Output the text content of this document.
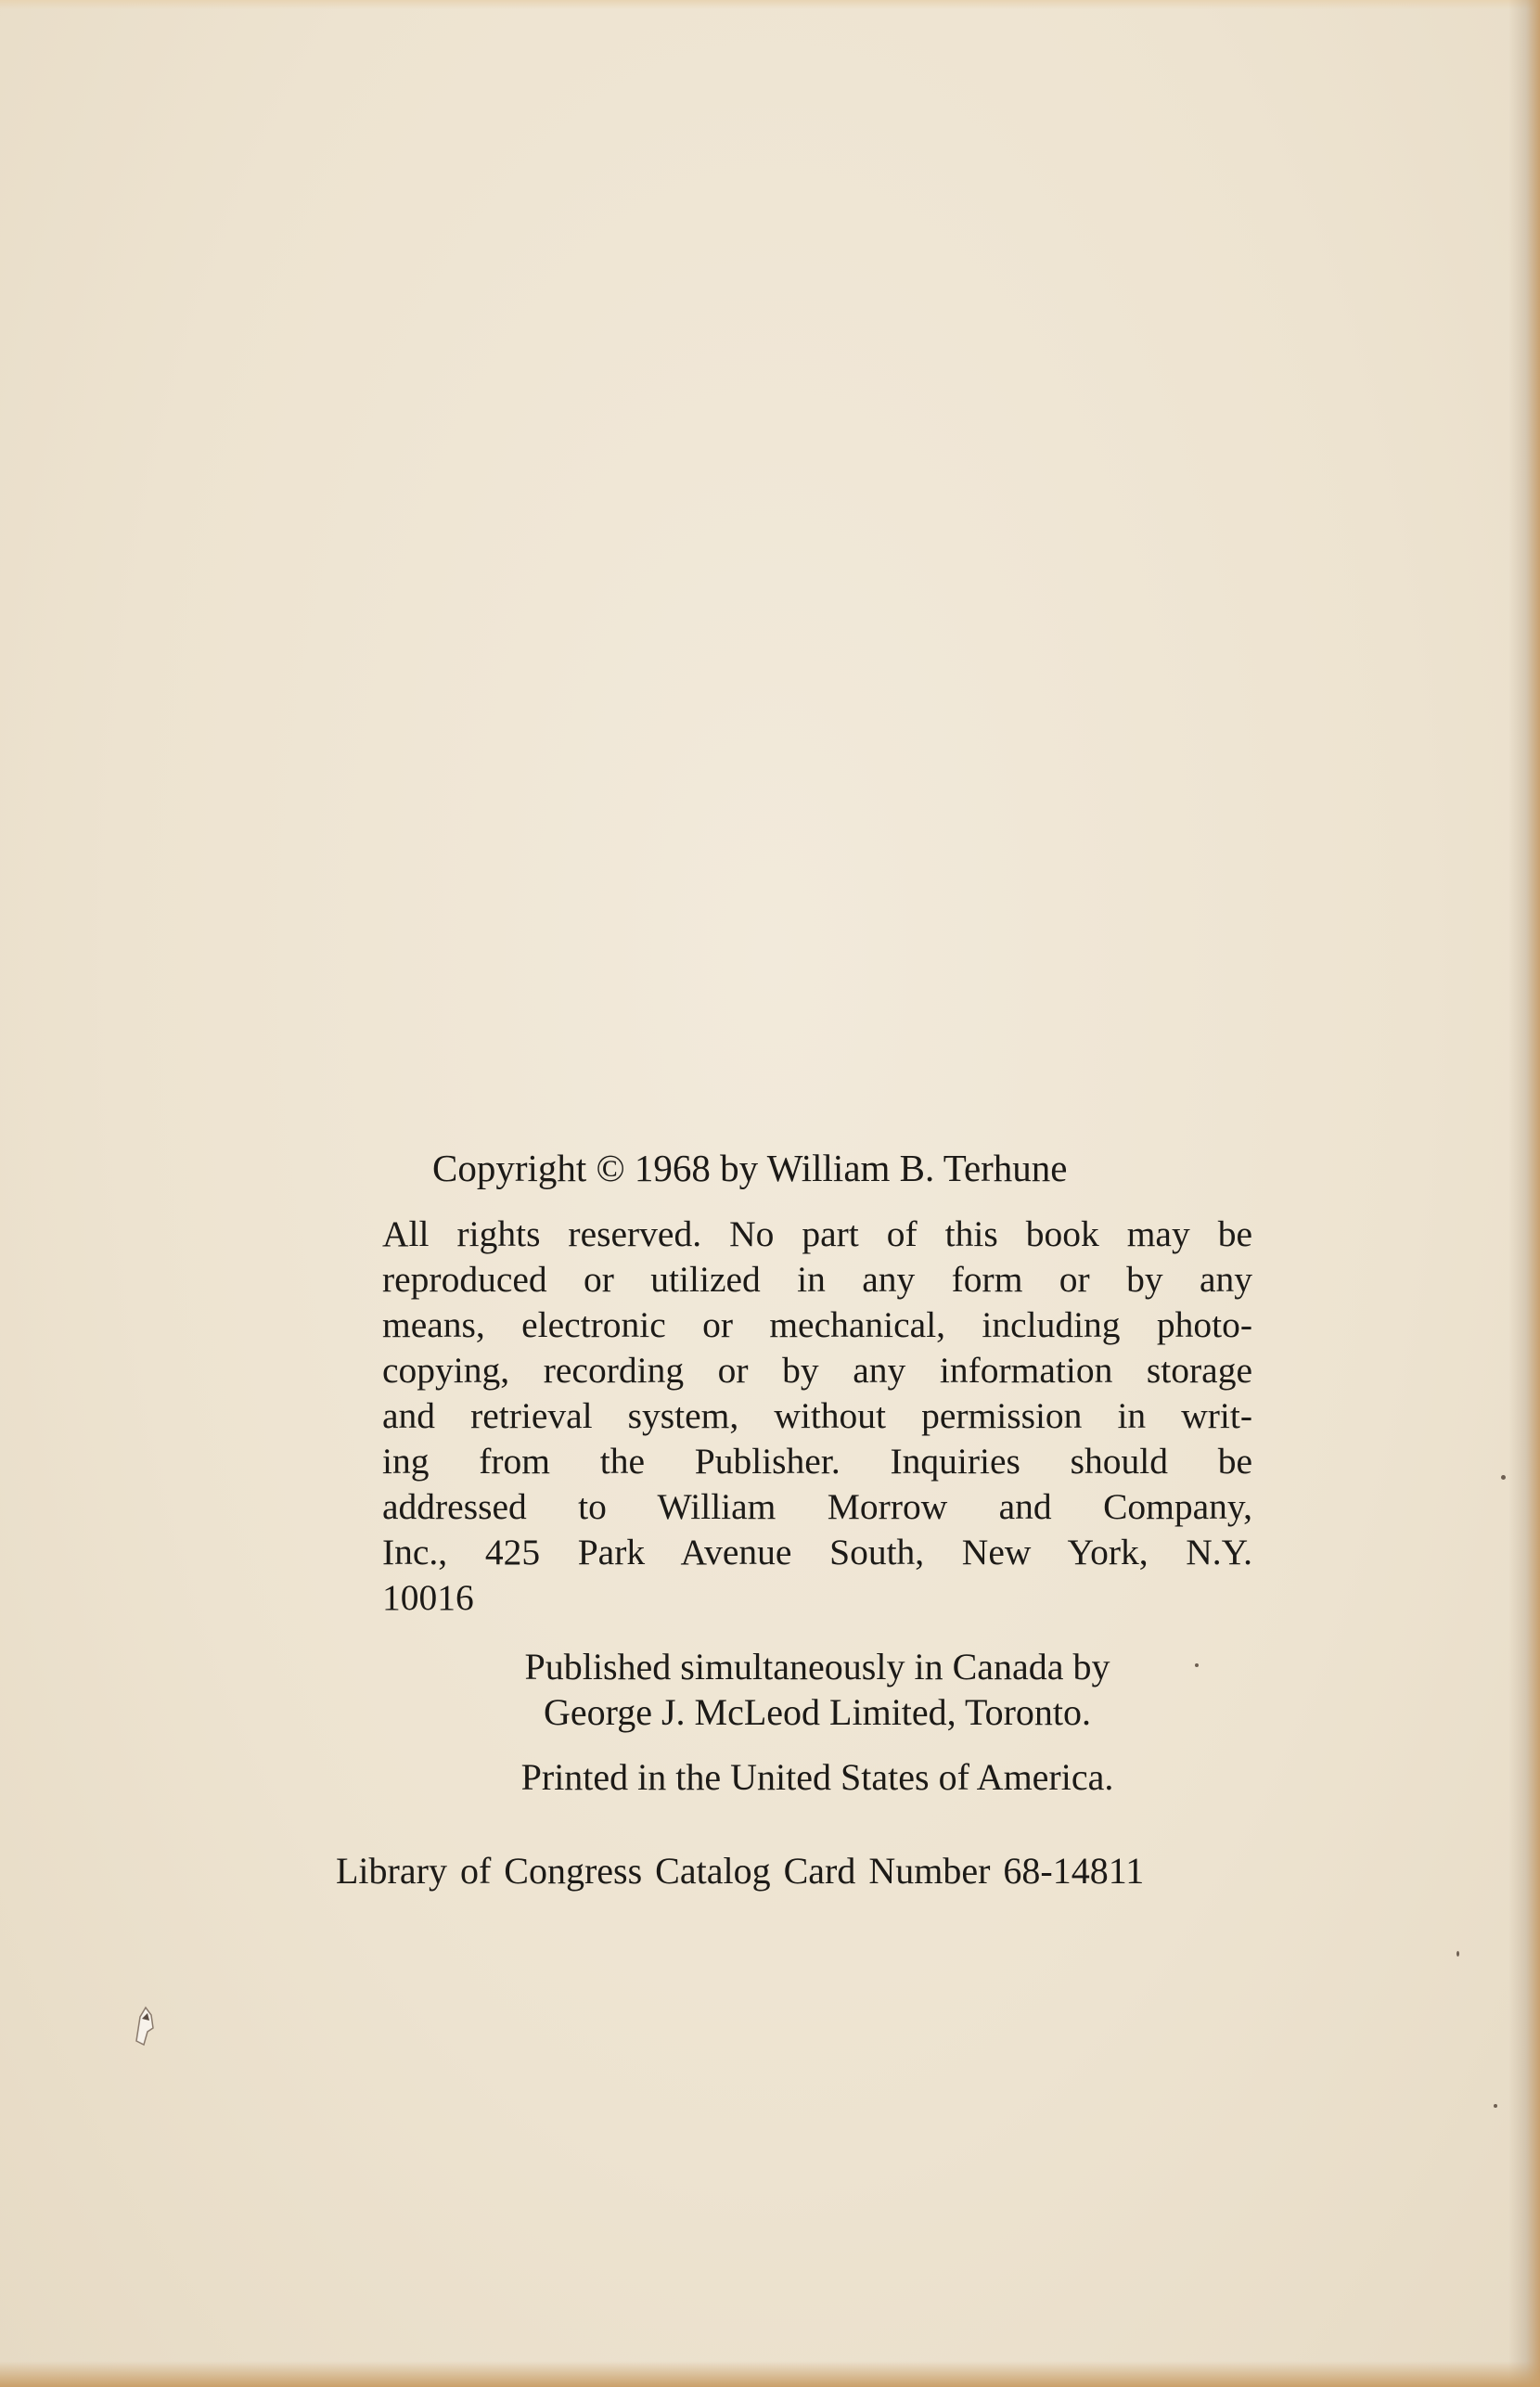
Copyright © 1968 by William B. Terhune
All rights reserved. No part of this book may be
reproduced or utilized in any form or by any
means, electronic or mechanical, including photo-
copying, recording or by any information storage
and retrieval system, without permission in writ-
ing from the Publisher. Inquiries should be
addressed to William Morrow and Company,
Inc., 425 Park Avenue South, New York, N.Y.
10016
Published simultaneously in Canada by
George J. McLeod Limited, Toronto.
Printed in the United States of America.
Library of Congress Catalog Card Number 68-14811
